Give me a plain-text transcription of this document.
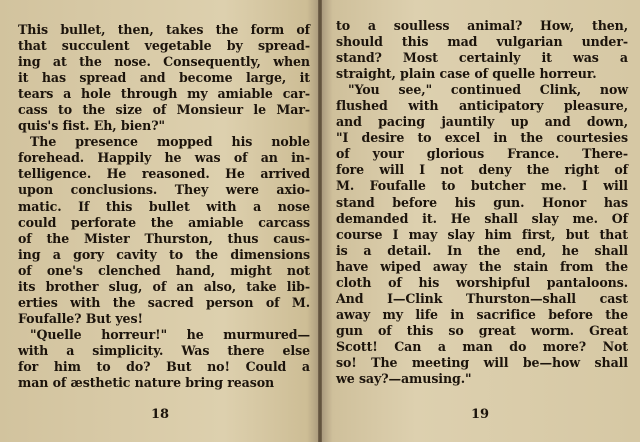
This bullet, then, takes the form of
that succulent vegetable by spread-
ing at the nose. Consequently, when
it has spread and become large, it
tears a hole through my amiable car-
cass to the size of Monsieur le Mar-
quis's fist. Eh, bien?"
The presence mopped his noble
forehead. Happily he was of an in-
telligence. He reasoned. He arrived
upon conclusions. They were axio-
matic. If this bullet with a nose
could perforate the amiable carcass
of the Mister Thurston, thus caus-
ing a gory cavity to the dimensions
of one's clenched hand, might not
its brother slug, of an also, take lib-
erties with the sacred person of M.
Foufalle? But yes!
"Quelle horreur!" he murmured—
with a simplicity. Was there else
for him to do? But no! Could a
man of æsthetic nature bring reason
18
to a soulless animal? How, then,
should this mad vulgarian under-
stand? Most certainly it was a
straight, plain case of quelle horreur.
"You see," continued Clink, now
flushed with anticipatory pleasure,
and pacing jauntily up and down,
"I desire to excel in the courtesies
of your glorious France. There-
fore will I not deny the right of
M. Foufalle to butcher me. I will
stand before his gun. Honor has
demanded it. He shall slay me. Of
course I may slay him first, but that
is a detail. In the end, he shall
have wiped away the stain from the
cloth of his worshipful pantaloons.
And I—Clink Thurston—shall cast
away my life in sacrifice before the
gun of this so great worm. Great
Scott! Can a man do more? Not
so! The meeting will be—how shall
we say?—amusing."
19
